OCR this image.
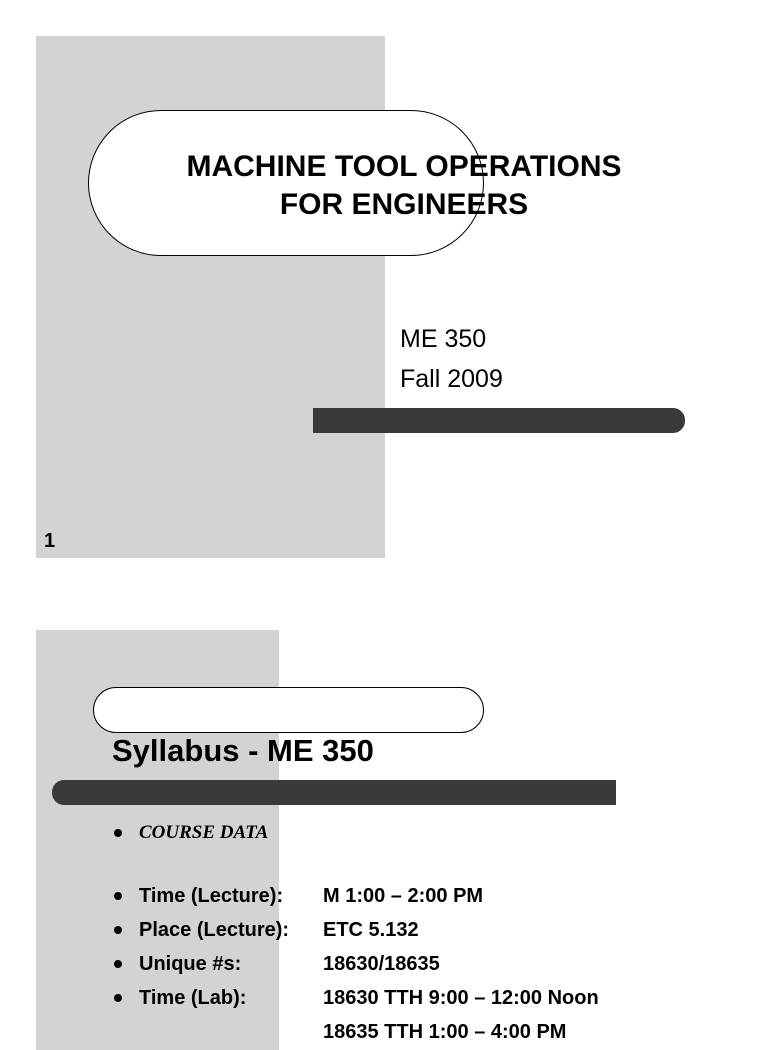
MACHINE TOOL OPERATIONS
FOR ENGINEERS
ME 350
Fall 2009
1
Syllabus - ME 350
COURSE DATA
Time (Lecture): M 1:00 – 2:00 PM
Place (Lecture): ETC 5.132
Unique #s:	18630/18635
Time (Lab):	18630 TTH 9:00 – 12:00 Noon
18635 TTH 1:00 – 4:00 PM
